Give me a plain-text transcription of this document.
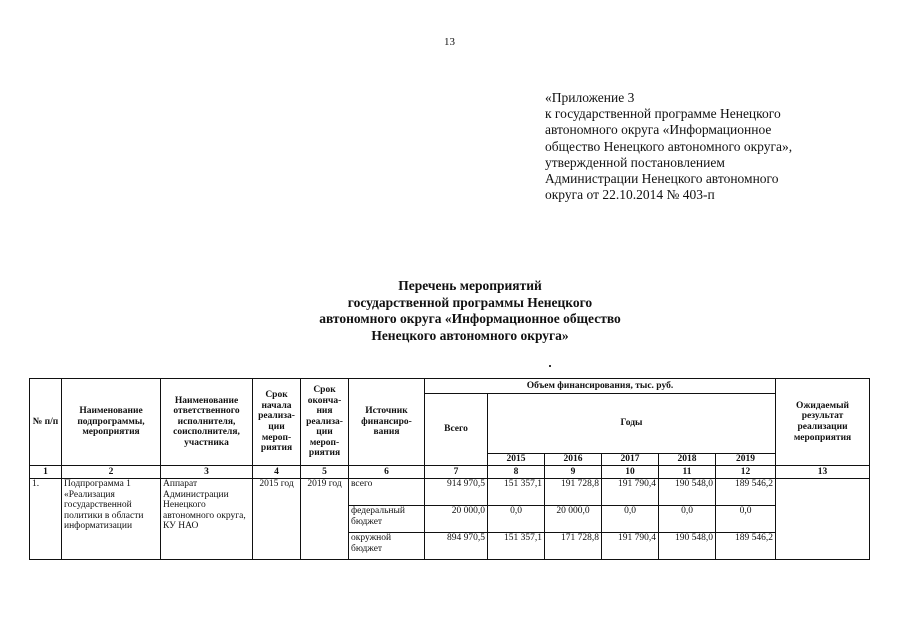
13
«Приложение 3
к государственной программе Ненецкого
автономного округа «Информационное
общество Ненецкого автономного округа»,
утвержденной постановлением
Администрации Ненецкого автономного
округа от 22.10.2014 № 403-п
Перечень мероприятий
государственной программы Ненецкого
автономного округа «Информационное общество
Ненецкого автономного округа»
№ п/п	Наименование подпрограммы, мероприятия	Наименование ответственного исполнителя, соисполнителя, участника	Срок начала реализа-ции мероп-риятия	Срок оконча-ния реализа-ции мероп-риятия	Источник финансиро-вания	Объем финансирования, тыс. руб.						Ожидаемый результат реализации мероприятия
						Всего	Годы					
							2015	2016	2017	2018	2019	
1	2	3	4	5	6	7	8	9	10	11	12	13
1.	Подпрограмма 1 «Реализация государственной политики в области информатизации	Аппарат Администрации Ненецкого автономного округа, КУ НАО	2015 год	2019 год	всего	914 970,5	151 357,1	191 728,8	191 790,4	190 548,0	189 546,2	
					федеральный бюджет	20 000,0	0,0	20 000,0	0,0	0,0	0,0	
					окружной бюджет	894 970,5	151 357,1	171 728,8	191 790,4	190 548,0	189 546,2	
